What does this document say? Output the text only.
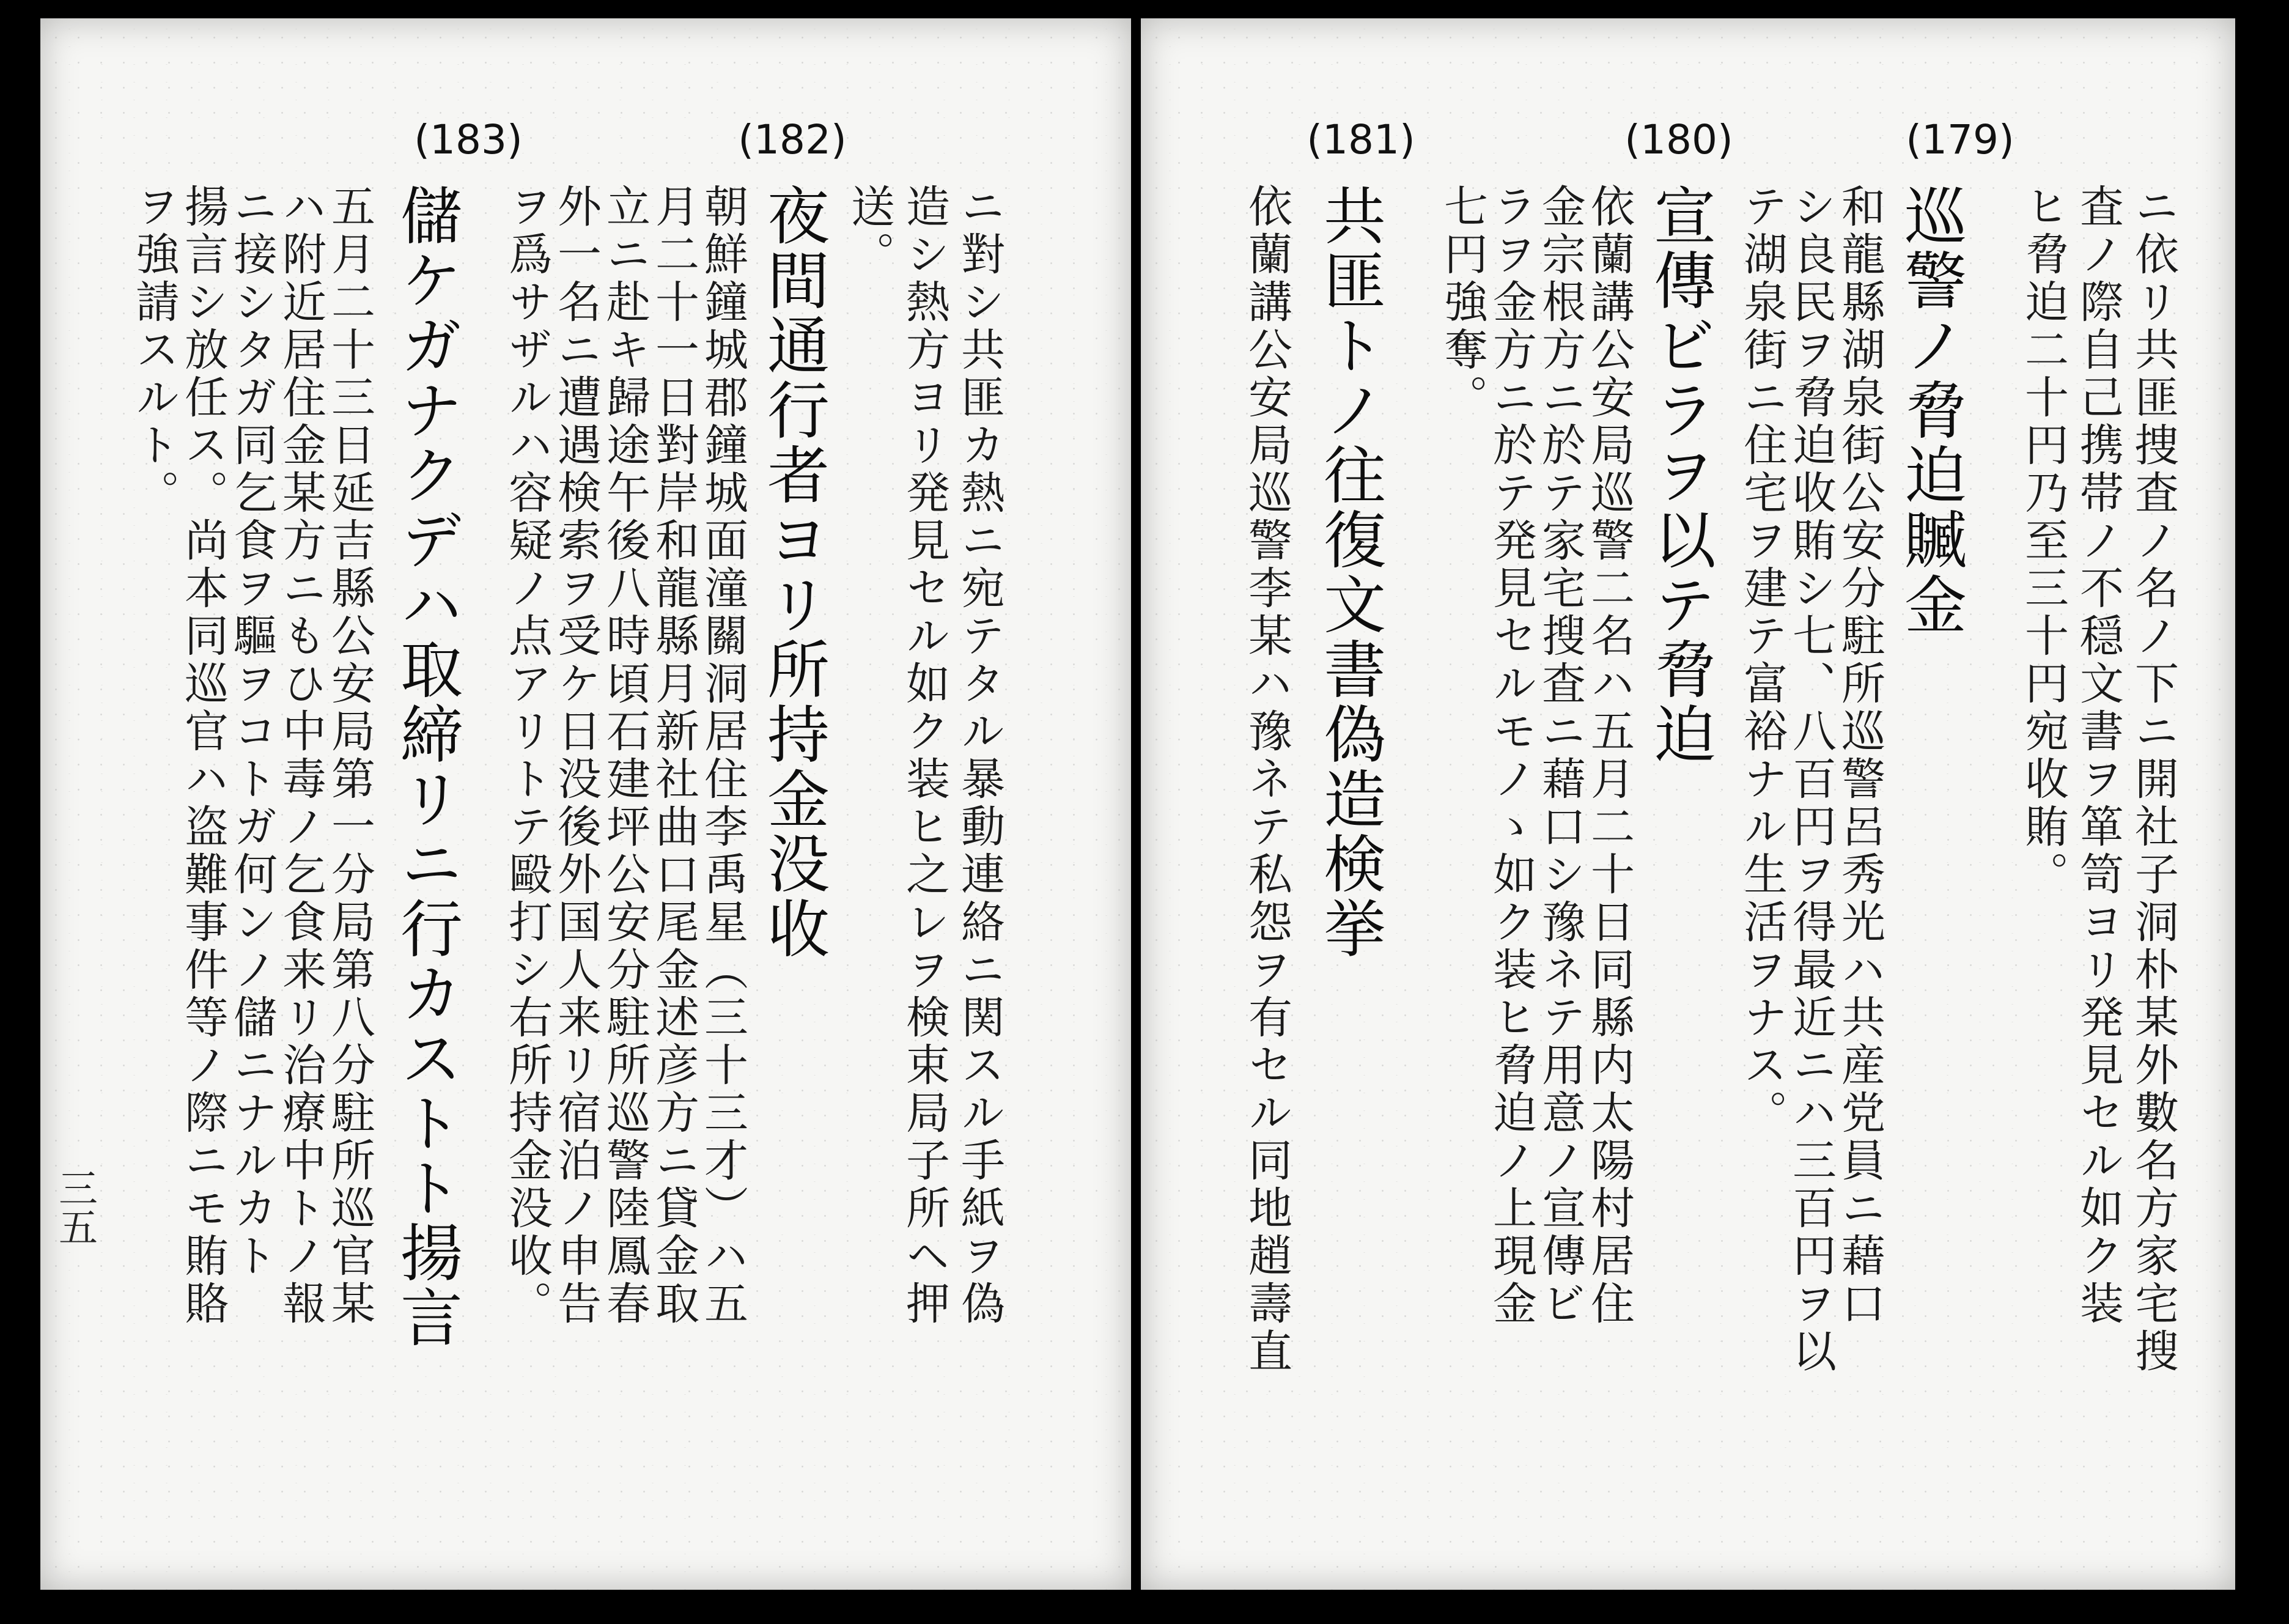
三五
(183)
儲ケガナクデハ取締リニ行カストト揚言
五月二十三日延吉縣公安局第一分局第八分駐所巡官某
ハ附近居住金某方ニもひ中毒ノ乞食来リ治療中トノ報
ニ接シタガ同乞食ヲ驅ヲコトガ何ンノ儲ニナルカト
揚言シ放任ス。尚本同巡官ハ盗難事件等ノ際ニモ賄賂
ヲ強請スルト。
(182)
夜間通行者ヨリ所持金没收
朝鮮鐘城郡鐘城面潼關洞居住李禹星（三十三才）ハ五
月二十一日對岸和龍縣月新社曲口尾金述彦方ニ貸金取
立ニ赴キ歸途午後八時頃石建坪公安分駐所巡警陸鳳春
外一名ニ遭遇検索ヲ受ケ日没後外国人来リ宿泊ノ申告
ヲ爲サザルハ容疑ノ点アリトテ毆打シ右所持金没收。	ニ對シ共匪カ熱ニ宛テタル暴動連絡ニ関スル手紙ヲ偽
造シ熱方ヨリ発見セル如ク装ヒ之レヲ検束局子所ヘ押
送。
(181)
共匪トノ往復文書偽造検挙
依蘭講公安局巡警李某ハ豫ネテ私怨ヲ有セル同地趙壽直
(180)
宣傳ビラヲ以テ脅迫
依蘭講公安局巡警二名ハ五月二十日同縣内太陽村居住
金宗根方ニ於テ家宅搜査ニ藉口シ豫ネテ用意ノ宣傳ビ
ラヲ金方ニ於テ発見セルモノゝ如ク装ヒ脅迫ノ上現金
七円強奪。
(179)
巡警ノ脅迫贓金
和龍縣湖泉街公安分駐所巡警呂秀光ハ共産党員ニ藉口
シ良民ヲ脅迫收賄シ七、八百円ヲ得最近ニハ三百円ヲ以
テ湖泉街ニ住宅ヲ建テ富裕ナル生活ヲナス。	ニ依リ共匪捜査ノ名ノ下ニ開社子洞朴某外數名方家宅搜
査ノ際自己携帯ノ不穏文書ヲ箪笥ヨリ発見セル如ク装
ヒ脅迫二十円乃至三十円宛收賄。
